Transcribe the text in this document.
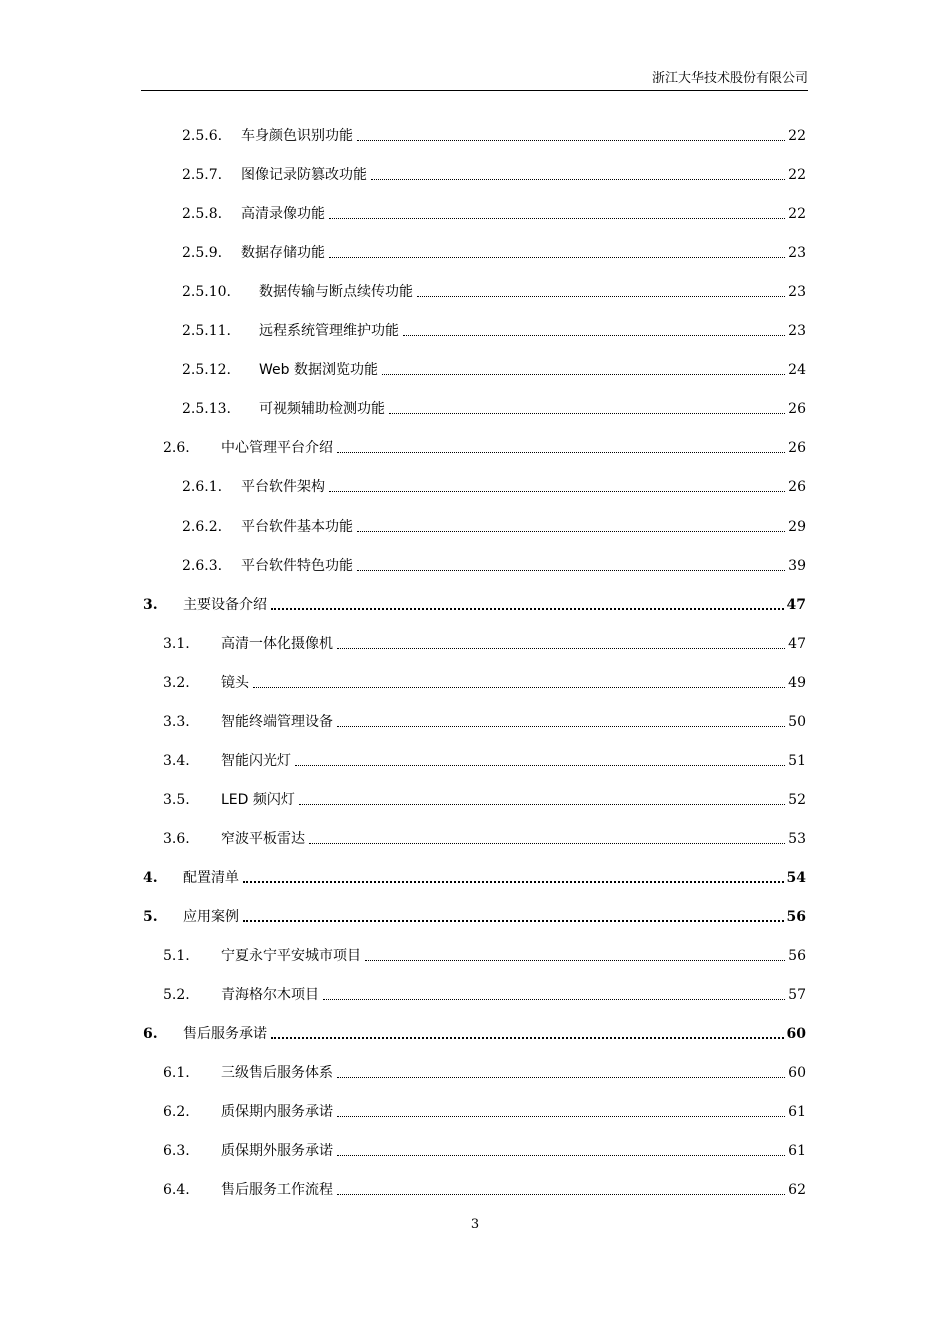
浙江大华技术股份有限公司
2.5.6. 车身颜色识别功能	22
2.5.7. 图像记录防篡改功能	22
2.5.8. 高清录像功能	22
2.5.9. 数据存储功能	23
2.5.10. 数据传输与断点续传功能	23
2.5.11. 远程系统管理维护功能	23
2.5.12. Web 数据浏览功能	24
2.5.13. 可视频辅助检测功能	26
2.6. 中心管理平台介绍	26
2.6.1. 平台软件架构	26
2.6.2. 平台软件基本功能	29
2.6.3. 平台软件特色功能	39
3. 主要设备介绍	47
3.1. 高清一体化摄像机	47
3.2. 镜头	49
3.3. 智能终端管理设备	50
3.4. 智能闪光灯	51
3.5. LED 频闪灯	52
3.6. 窄波平板雷达	53
4. 配置清单	54
5. 应用案例	56
5.1. 宁夏永宁平安城市项目	56
5.2. 青海格尔木项目	57
6. 售后服务承诺	60
6.1. 三级售后服务体系	60
6.2. 质保期内服务承诺	61
6.3. 质保期外服务承诺	61
6.4. 售后服务工作流程	62
3
